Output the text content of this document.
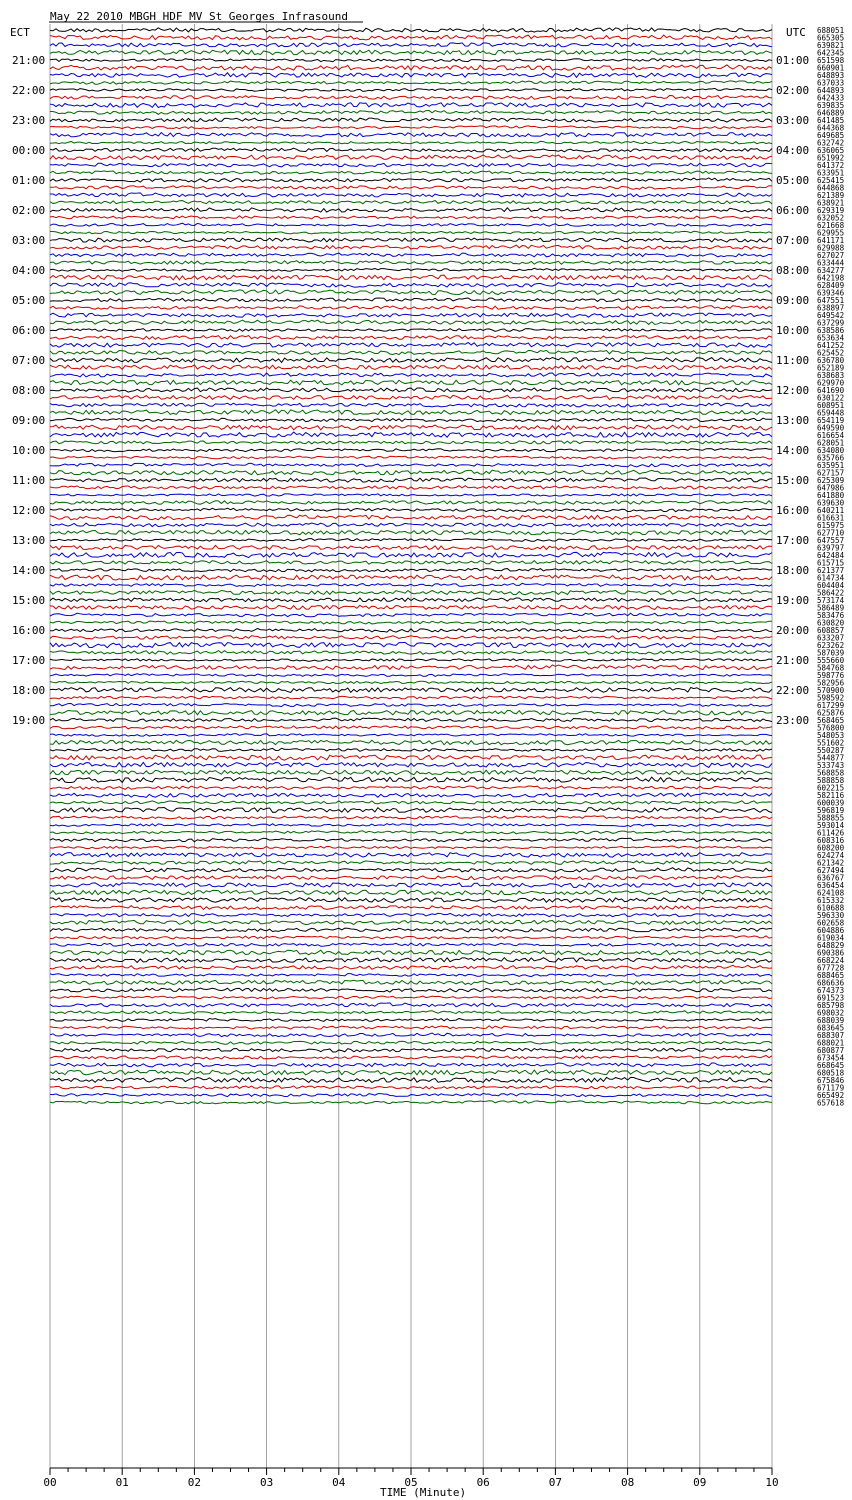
May 22 2010 MBGH HDF MV St Georges Infrasound
ECT	UTC
TIME (Minute)
21:00
22:00
23:00
00:00
01:00
02:00
03:00
04:00
05:00
06:00
07:00
08:00
09:00
10:00
11:00
12:00
13:00
14:00
15:00
16:00
17:00
18:00
19:00
01:00
02:00
03:00
04:00
05:00
06:00
07:00
08:00
09:00
10:00
11:00
12:00
13:00
14:00
15:00
16:00
17:00
18:00
19:00
20:00
21:00
22:00
23:00
688051
665305
639821
642345
651598
660901
648893
637033
644893
642433
639835
646889
641485
644368
649685
632742
636065
651992
641372
633951
625415
644868
621389
638921
629319
632052
621668
629955
641171
629988
627027
633444
634277
642198
628409
639346
647551
638897
649542
637299
638586
653634
641252
625452
636780
652189
638683
629970
641690
630122
608951
659448
654119
649590
616654
628051
634080
635766
635951
627157
625309
647986
641880
639630
640211
616631
615975
627710
647557
639797
642484
615715
621377
614734
604404
586422
573174
586489
583476
630820
608857
633207
623262
587039
555660
584768
598776
582956
570900
598592
617299
625876
568465
576800
548053
551602
550287
544877
533743
568858
588858
602215
582116
600039
596819
588855
593014
611426
608316
608200
624274
621342
627494
636767
636454
624108
615332
610688
596330
602658
604886
619034
648829
690386
668224
677728
688465
686636
674373
691523
685798
698032
688039
683645
688307
688021
680877
673454
668645
680518
675846
671179
665492
657618
00	01	02	03	04	05	06	07	08	09	10
